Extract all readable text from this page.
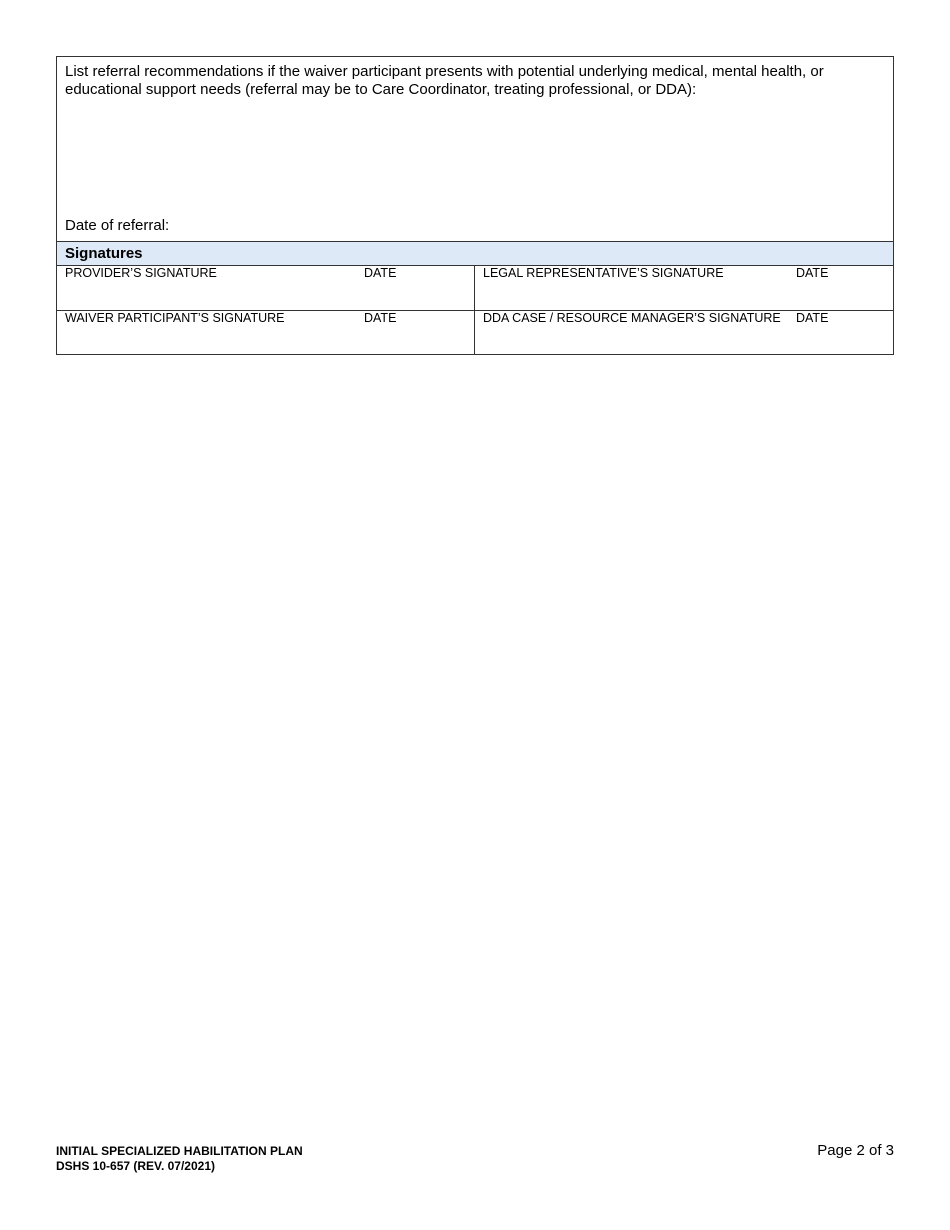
List referral recommendations if the waiver participant presents with potential underlying medical, mental health, or educational support needs (referral may be to Care Coordinator, treating professional, or DDA):
Date of referral:
Signatures
PROVIDER’S SIGNATURE	DATE	LEGAL REPRESENTATIVE’S SIGNATURE	DATE
WAIVER PARTICIPANT’S SIGNATURE	DATE	DDA CASE / RESOURCE MANAGER’S SIGNATURE DATE
INITIAL SPECIALIZED HABILITATION PLAN
DSHS 10-657 (REV. 07/2021)
Page 2 of 3
